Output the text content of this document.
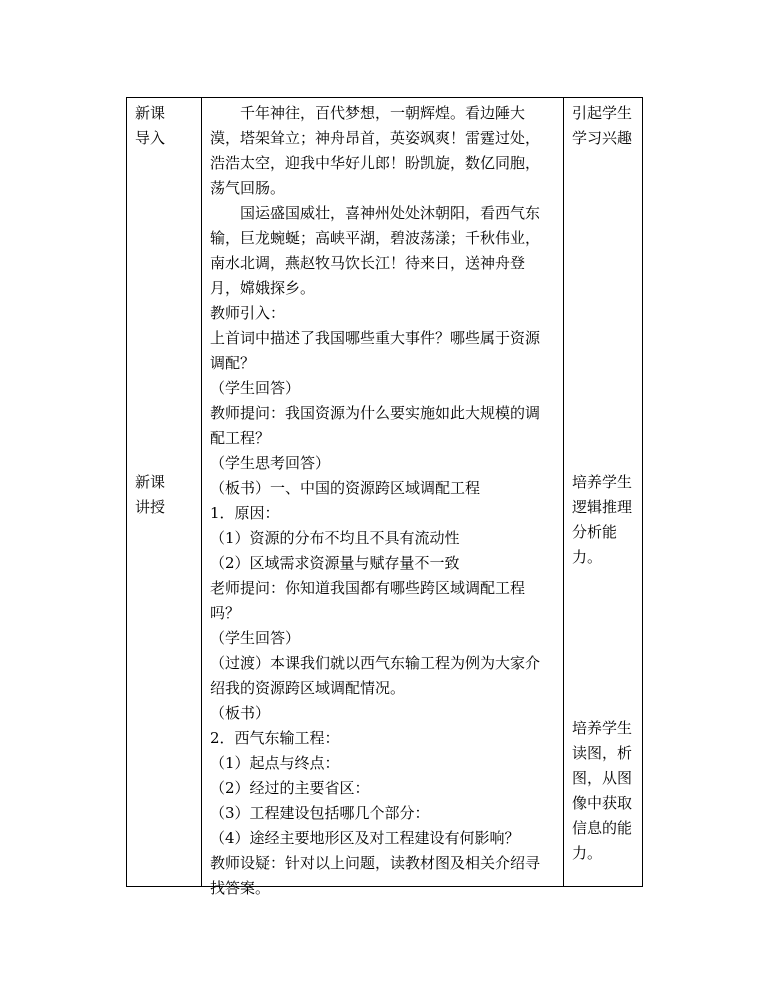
新课
导入
新课
讲授
千年神往，百代梦想，一朝辉煌。看边陲大
漠，塔架耸立；神舟昂首，英姿飒爽！雷霆过处，
浩浩太空，迎我中华好儿郎！盼凯旋，数亿同胞，
荡气回肠。
国运盛国威壮，喜神州处处沐朝阳，看西气东
输，巨龙蜿蜒；高峡平湖，碧波荡漾；千秋伟业，
南水北调，燕赵牧马饮长江！待来日，送神舟登
月，嫦娥探乡。
教师引入：
上首词中描述了我国哪些重大事件？哪些属于资源
调配？
（学生回答）
教师提问：我国资源为什么要实施如此大规模的调
配工程？
（学生思考回答）
（板书）一、中国的资源跨区域调配工程
1．原因：
（1）资源的分布不均且不具有流动性
（2）区域需求资源量与赋存量不一致
老师提问：你知道我国都有哪些跨区域调配工程
吗？
（学生回答）
（过渡）本课我们就以西气东输工程为例为大家介
绍我的资源跨区域调配情况。
（板书）
2．西气东输工程：
（1）起点与终点：
（2）经过的主要省区：
（3）工程建设包括哪几个部分：
（4）途经主要地形区及对工程建设有何影响？
教师设疑：针对以上问题，读教材图及相关介绍寻
找答案。
引起学生
学习兴趣
培养学生
逻辑推理
分析能
力。
培养学生
读图，析
图，从图
像中获取
信息的能
力。
